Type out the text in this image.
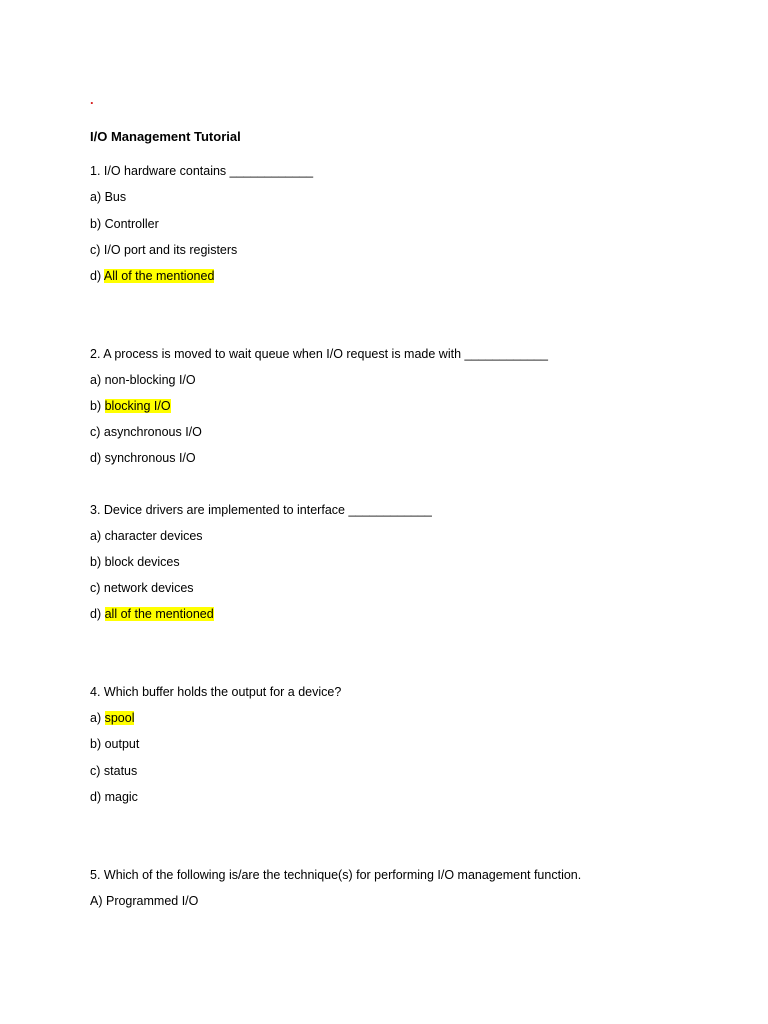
.
I/O Management Tutorial
1. I/O hardware contains ____________
a) Bus
b) Controller
c) I/O port and its registers
d) All of the mentioned
2. A process is moved to wait queue when I/O request is made with ____________
a) non-blocking I/O
b) blocking I/O
c) asynchronous I/O
d) synchronous I/O
3. Device drivers are implemented to interface ____________
a) character devices
b) block devices
c) network devices
d) all of the mentioned
4. Which buffer holds the output for a device?
a) spool
b) output
c) status
d) magic
5. Which of the following is/are the technique(s) for performing I/O management function.
A) Programmed I/O
